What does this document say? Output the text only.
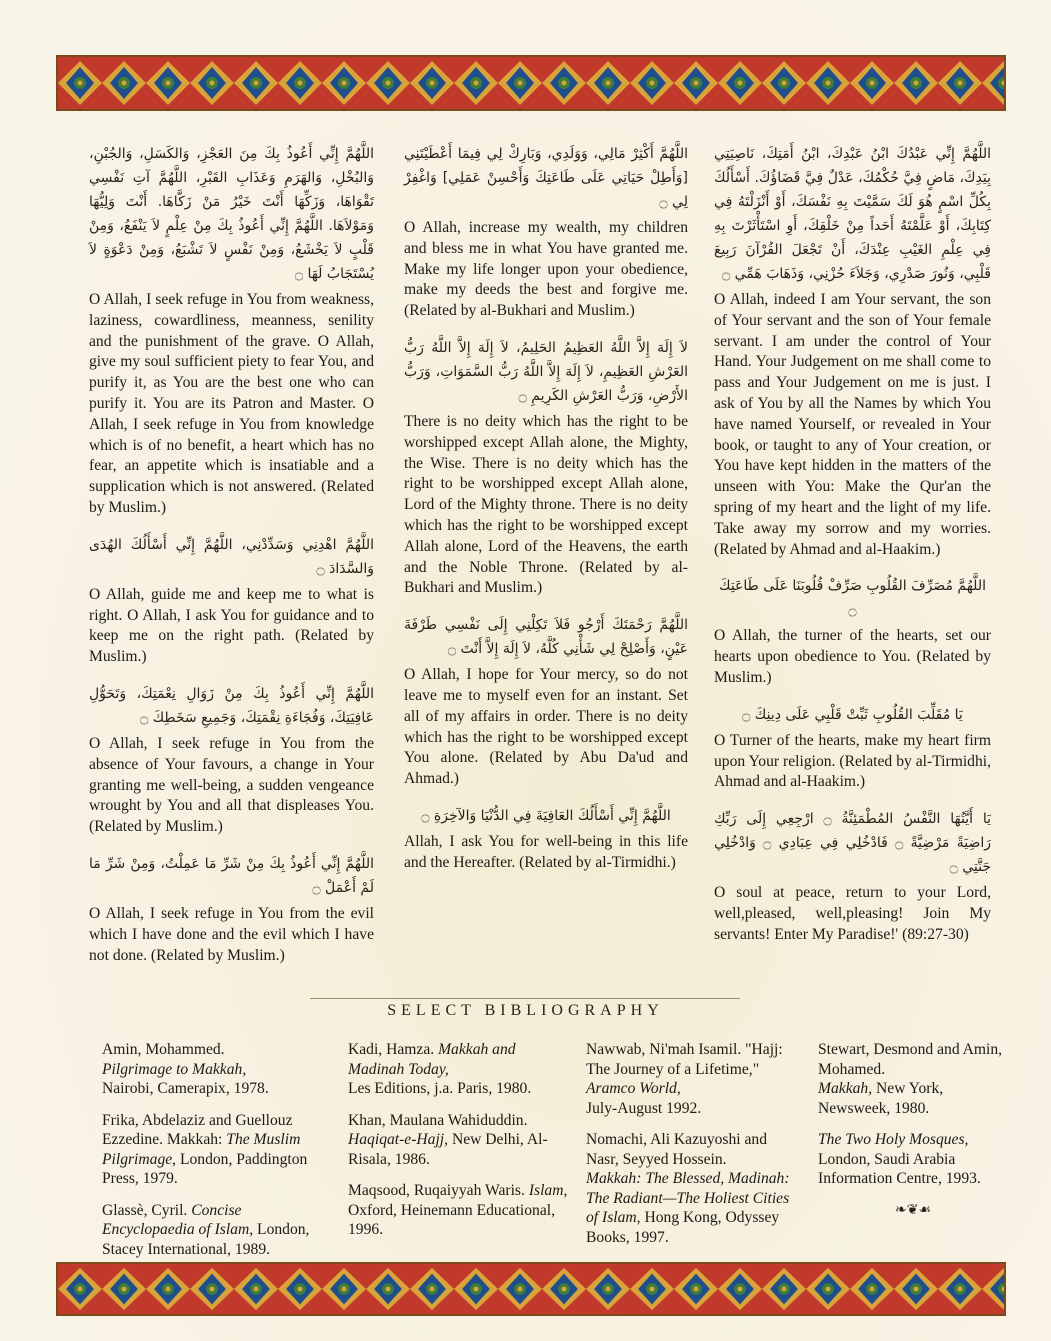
اللَّهُمَّ إِنِّي أَعُوذُ بِكَ مِنَ العَجْزِ، وَالكَسَلِ، وَالجُبْنِ، وَالبُخْلِ، وَالهَرَمِ وَعَذَابِ القَبْرِ، اللَّهُمَّ آتِ نَفْسِي تَقْوَاهَا، وَزَكِّهَا أَنْتَ خَيْرُ مَنْ زَكَّاهَا. أَنْتَ وَلِيُّهَا وَمَوْلاَهَا. اللَّهُمَّ إِنِّي أَعُوذُ بِكَ مِنْ عِلْمٍ لاَ يَنْفَعُ، وَمِنْ قَلْبٍ لاَ يَخْشَعُ، وَمِنْ نَفْسٍ لاَ تَشْبَعُ، وَمِنْ دَعْوَةٍ لاَ يُسْتَجَابُ لَهَا ۝

O Allah, I seek refuge in You from weakness, laziness, cowardliness, meanness, senility and the punishment of the grave. O Allah, give my soul sufficient piety to fear You, and purify it, as You are the best one who can purify it. You are its Patron and Master. O Allah, I seek refuge in You from knowledge which is of no benefit, a heart which has no fear, an appetite which is insatiable and a supplication which is not answered. (Related by Muslim.)

اللَّهُمَّ اهْدِنِي وَسَدِّدْنِي، اللَّهُمَّ إِنِّي أَسْأَلُكَ الهُدَى وَالسَّدَادَ ۝

O Allah, guide me and keep me to what is right. O Allah, I ask You for guidance and to keep me on the right path. (Related by Muslim.)

اللَّهُمَّ إِنِّي أَعُوذُ بِكَ مِنْ زَوَالِ نِعْمَتِكَ، وَتَحَوُّلِ عَافِيَتِكَ، وَفُجَاءَةِ نِقْمَتِكَ، وَجَمِيعِ سَخَطِكَ ۝

O Allah, I seek refuge in You from the absence of Your favours, a change in Your granting me well-being, a sudden vengeance wrought by You and all that displeases You. (Related by Muslim.)

اللَّهُمَّ إِنِّي أَعُوذُ بِكَ مِنْ شَرِّ مَا عَمِلْتُ، وَمِنْ شَرِّ مَا لَمْ أَعْمَلْ ۝

O Allah, I seek refuge in You from the evil which I have done and the evil which I have not done. (Related by Muslim.)

اللَّهُمَّ أَكْثِرْ مَالِي، وَوَلَدِي، وَبَارِكْ لِي فِيمَا أَعْطَيْتَنِي [وَأَطِلْ حَيَاتِي عَلَى طَاعَتِكَ وَأَحْسِنْ عَمَلِي] وَاغْفِرْ لِي ۝

O Allah, increase my wealth, my children and bless me in what You have granted me. Make my life longer upon your obedience, make my deeds the best and forgive me. (Related by al-Bukhari and Muslim.)

لاَ إِلَهَ إِلاَّ اللَّهُ العَظِيمُ الحَلِيمُ، لاَ إِلَهَ إِلاَّ اللَّهُ رَبُّ العَرْشِ العَظِيمِ، لاَ إِلَهَ إِلاَّ اللَّهُ رَبُّ السَّمَوَاتِ، وَرَبُّ الأَرْضِ، وَرَبُّ العَرْشِ الكَرِيمِ ۝

There is no deity which has the right to be worshipped except Allah alone, the Mighty, the Wise. There is no deity which has the right to be worshipped except Allah alone, Lord of the Mighty throne. There is no deity which has the right to be worshipped except Allah alone, Lord of the Heavens, the earth and the Noble Throne. (Related by al-Bukhari and Muslim.)

اللَّهُمَّ رَحْمَتَكَ أَرْجُو فَلاَ تَكِلْنِي إِلَى نَفْسِي طَرْفَةَ عَيْنٍ، وَأَصْلِحْ لِي شَأْنِي كُلَّهُ، لاَ إِلَهَ إِلاَّ أَنْتَ ۝

O Allah, I hope for Your mercy, so do not leave me to myself even for an instant. Set all of my affairs in order. There is no deity which has the right to be worshipped except You alone. (Related by Abu Da'ud and Ahmad.)

اللَّهُمَّ إِنِّي أَسْأَلُكَ العَافِيَةَ فِي الدُّنْيَا وَالآخِرَةِ ۝

Allah, I ask You for well-being in this life and the Hereafter. (Related by al-Tirmidhi.)

اللَّهُمَّ إِنِّي عَبْدُكَ ابْنُ عَبْدِكَ، ابْنُ أَمَتِكَ، نَاصِيَتِي بِيَدِكَ، مَاضٍ فِيَّ حُكْمُكَ، عَدْلٌ فِيَّ قَضَاؤُكَ. أَسْأَلُكَ بِكُلِّ اسْمٍ هُوَ لَكَ سَمَّيْتَ بِهِ نَفْسَكَ، أَوْ أَنْزَلْتَهُ فِي كِتَابِكَ، أَوْ عَلَّمْتَهُ أَحَداً مِنْ خَلْقِكَ، أَوِ اسْتَأْثَرْتَ بِهِ فِي عِلْمِ الغَيْبِ عِنْدَكَ، أَنْ تَجْعَلَ القُرْآنَ رَبِيعَ قَلْبِي، وَنُورَ صَدْرِي، وَجَلاَءَ حُزْنِي، وَذَهَابَ هَمِّي ۝

O Allah, indeed I am Your servant, the son of Your servant and the son of Your female servant. I am under the control of Your Hand. Your Judgement on me shall come to pass and Your Judgement on me is just. I ask of You by all the Names by which You have named Yourself, or revealed in Your book, or taught to any of Your creation, or You have kept hidden in the matters of the unseen with You: Make the Qur'an the spring of my heart and the light of my life. Take away my sorrow and my worries. (Related by Ahmad and al-Haakim.)

اللَّهُمَّ مُصَرِّفَ القُلُوبِ صَرِّفْ قُلُوبَنَا عَلَى طَاعَتِكَ ۝

O Allah, the turner of the hearts, set our hearts upon obedience to You. (Related by Muslim.)

يَا مُقَلِّبَ القُلُوبِ ثَبِّتْ قَلْبِي عَلَى دِينِكَ ۝

O Turner of the hearts, make my heart firm upon Your religion. (Related by al-Tirmidhi, Ahmad and al-Haakim.)

يَا أَيَّتُهَا النَّفْسُ المُطْمَئِنَّةُ ۝ ارْجِعِي إِلَى رَبِّكِ رَاضِيَةً مَرْضِيَّةً ۝ فَادْخُلِي فِي عِبَادِي ۝ وَادْخُلِي جَنَّتِي ۝

O soul at peace, return to your Lord, well,pleased, well,pleasing! Join My servants! Enter My Paradise!' (89:27-30)

SELECT BIBLIOGRAPHY

Amin, Mohammed.
Pilgrimage to Makkah,
Nairobi, Camerapix, 1978.

Frika, Abdelaziz and Guellouz Ezzedine. Makkah: The Muslim Pilgrimage, London, Paddington Press, 1979.

Glassè, Cyril. Concise Encyclopaedia of Islam, London, Stacey International, 1989.

Kadi, Hamza. Makkah and Madinah Today,
Les Editions, j.a. Paris, 1980.

Khan, Maulana Wahiduddin.
Haqiqat-e-Hajj, New Delhi, Al-Risala, 1986.

Maqsood, Ruqaiyyah Waris. Islam, Oxford, Heinemann Educational, 1996.

Nawwab, Ni'mah Isamil. "Hajj: The Journey of a Lifetime," Aramco World,
July-August 1992.

Nomachi, Ali Kazuyoshi and Nasr, Seyyed Hossein.
Makkah: The Blessed, Madinah: The Radiant—The Holiest Cities of Islam, Hong Kong, Odyssey Books, 1997.

Stewart, Desmond and Amin, Mohamed.
Makkah, New York, Newsweek, 1980.

The Two Holy Mosques,
London, Saudi Arabia Information Centre, 1993.

❧❦☙
